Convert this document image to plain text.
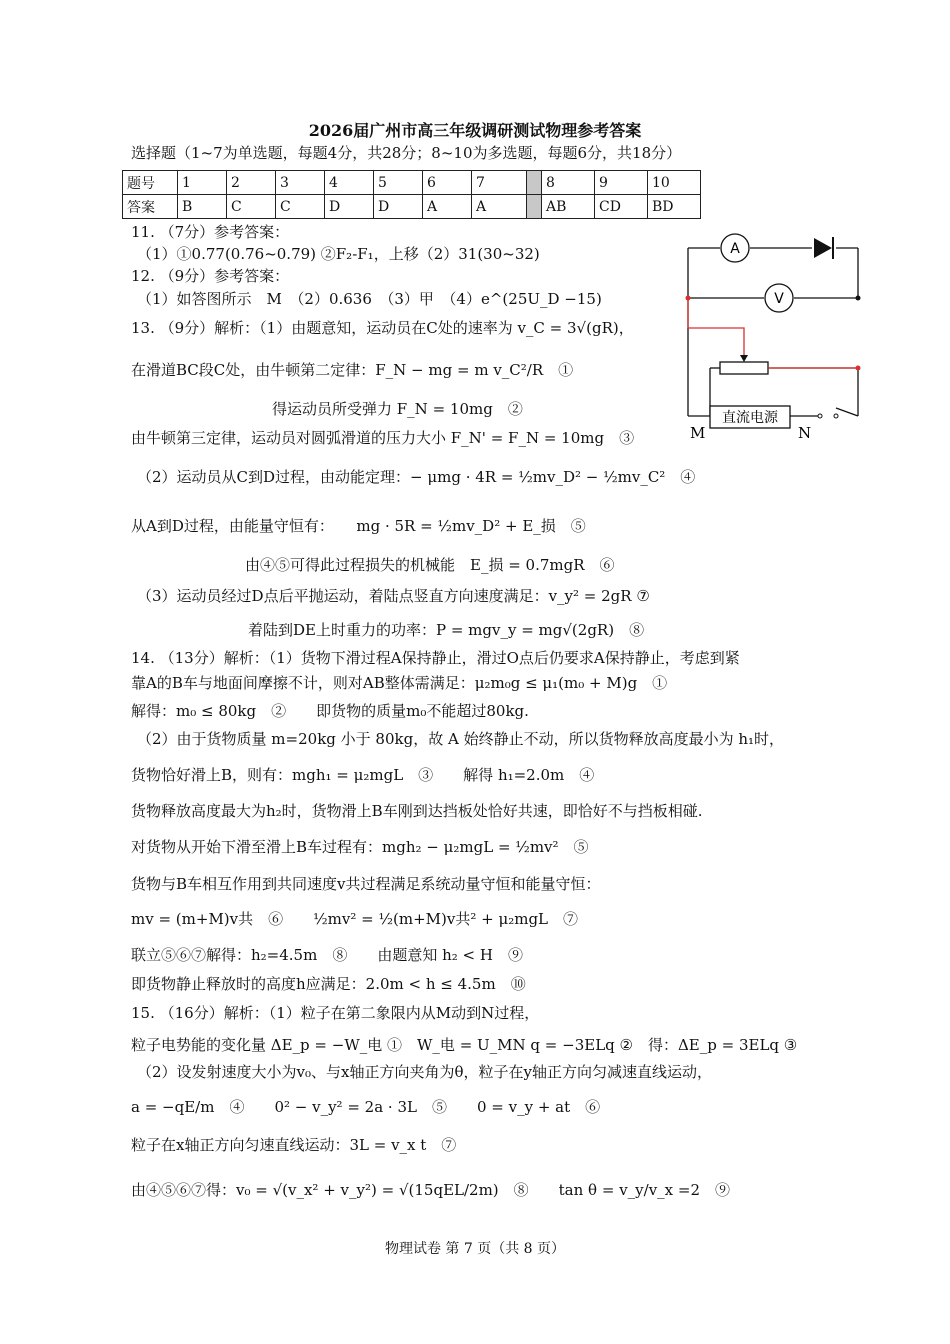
2026届广州市高三年级调研测试物理参考答案
选择题（1~7为单选题，每题4分，共28分；8~10为多选题，每题6分，共18分）
题号	1	2	3	4	5	6	7		8	9	10
答案	B	C	C	D	D	A	A		AB	CD	BD
11. （7分）参考答案：
（1）①0.77(0.76~0.79) ②F₂-F₁，上移（2）31(30~32)
12. （9分）参考答案：
（1）如答图所示　M　（2）0.636　（3）甲　（4）e^(25U_D −15)
13. （9分）解析：（1）由题意知，运动员在C处的速率为 v_C = 3√(gR)，
在滑道BC段C处，由牛顿第二定律：F_N − mg = m v_C²/R　①
得运动员所受弹力 F_N = 10mg　②
由牛顿第三定律，运动员对圆弧滑道的压力大小 F_N' = F_N = 10mg　③
（2）运动员从C到D过程，由动能定理：− μmg · 4R = ½mv_D² − ½mv_C²　④
从A到D过程，由能量守恒有：　　mg · 5R = ½mv_D² + E_损　⑤
由④⑤可得此过程损失的机械能　E_损 = 0.7mgR　⑥
（3）运动员经过D点后平抛运动，着陆点竖直方向速度满足：v_y² = 2gR ⑦
着陆到DE上时重力的功率：P = mgv_y = mg√(2gR)　⑧
14. （13分）解析：（1）货物下滑过程A保持静止，滑过O点后仍要求A保持静止，考虑到紧
靠A的B车与地面间摩擦不计，则对AB整体需满足：μ₂m₀g ≤ μ₁(m₀ + M)g　①
解得：m₀ ≤ 80kg　②　　即货物的质量m₀不能超过80kg.
（2）由于货物质量 m=20kg 小于 80kg，故 A 始终静止不动，所以货物释放高度最小为 h₁时，
货物恰好滑上B，则有：mgh₁ = μ₂mgL　③　　解得 h₁=2.0m　④
货物释放高度最大为h₂时，货物滑上B车刚到达挡板处恰好共速，即恰好不与挡板相碰.
对货物从开始下滑至滑上B车过程有：mgh₂ − μ₂mgL = ½mv²　⑤
货物与B车相互作用到共同速度v共过程满足系统动量守恒和能量守恒：
mv = (m+M)v共　⑥　　½mv² = ½(m+M)v共² + μ₂mgL　⑦
联立⑤⑥⑦解得：h₂=4.5m　⑧　　由题意知 h₂ < H　⑨
即货物静止释放时的高度h应满足：2.0m < h ≤ 4.5m　⑩
15. （16分）解析：（1）粒子在第二象限内从M动到N过程，
粒子电势能的变化量 ΔE_p = −W_电 ①　W_电 = U_MN q = −3ELq ②　得：ΔE_p = 3ELq ③
（2）设发射速度大小为v₀、与x轴正方向夹角为θ，粒子在y轴正方向匀减速直线运动，
a = −qE/m　④　　0² − v_y² = 2a · 3L　⑤　　0 = v_y + at　⑥
粒子在x轴正方向匀速直线运动：3L = v_x t　⑦
由④⑤⑥⑦得：v₀ = √(v_x² + v_y²) = √(15qEL/2m)　⑧　　tan θ = v_y/v_x =2　⑨
A
V
直流电源
M	N
物理试卷 第 7 页（共 8 页）
